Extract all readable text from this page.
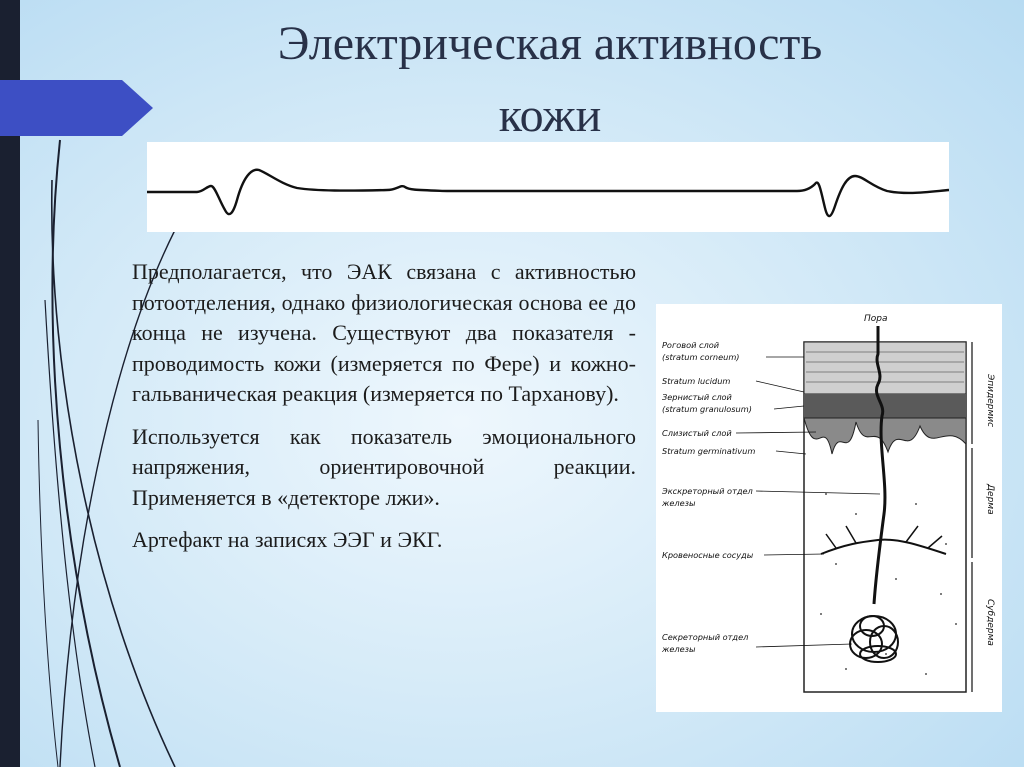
Электрическая активность
кожи

Предполагается, что ЭАК связана с активностью потоотделения, однако физиологическая основа ее до конца не изучена. Существуют два показателя - проводимость кожи (измеряется по Фере) и кожно-гальваническая реакция (измеряется по Тарханову).

Используется как показатель эмоционального напряжения, ориентировочной реакции. Применяется в «детекторе лжи».

Артефакт на записях ЭЭГ и ЭКГ.

Пора
Роговой слой
(stratum corneum)
Stratum lucidum
Зернистый слой
(stratum granulosum)
Слизистый слой
Stratum germinativum
Экскреторный отдел
железы
Кровеносные сосуды
Секреторный отдел
железы
Эпидермис
Дерма
Субдерма
